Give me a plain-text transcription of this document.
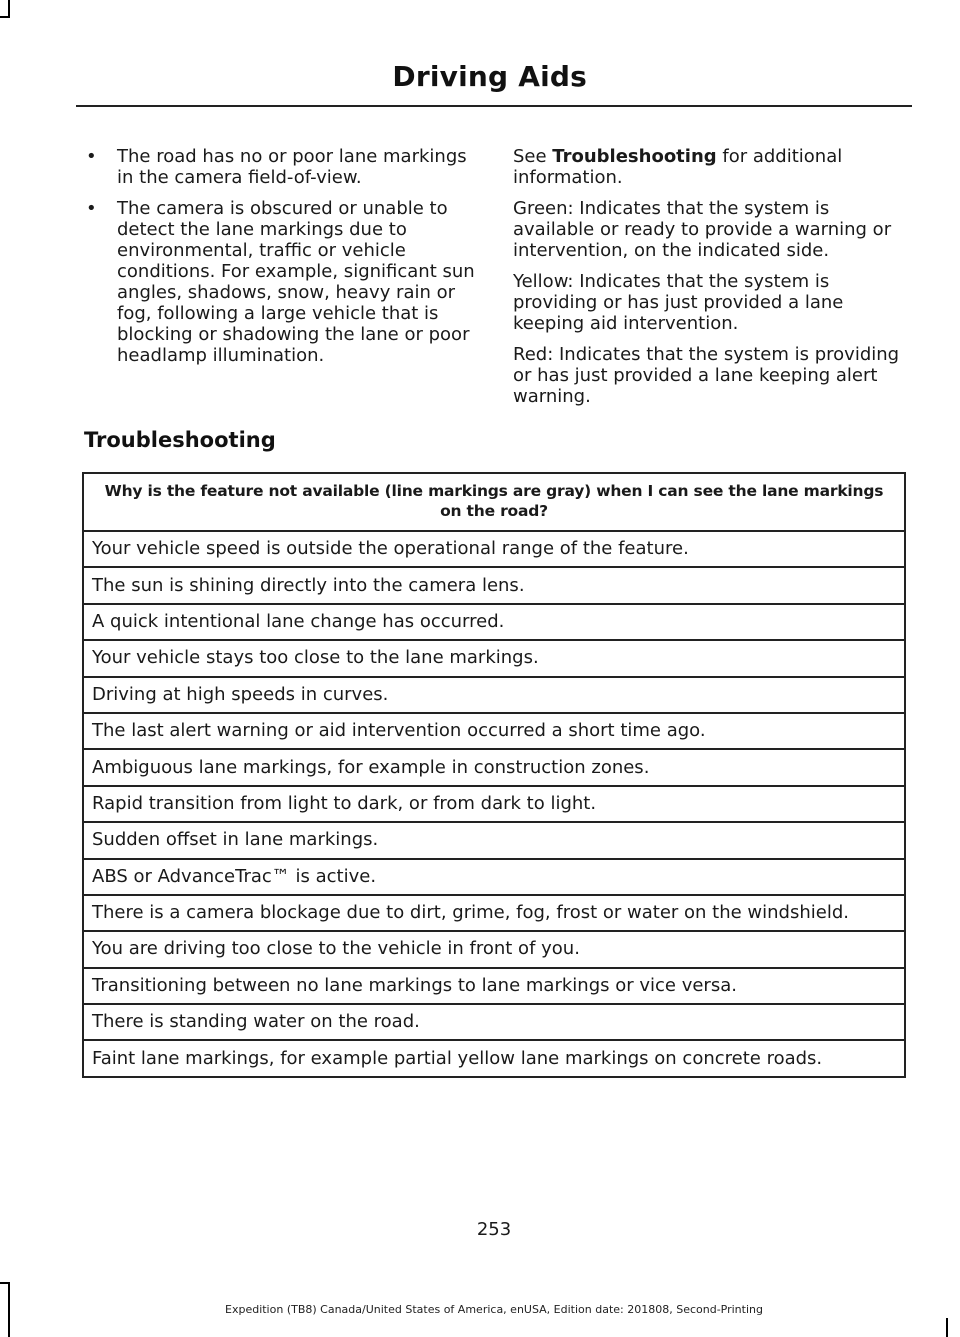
Driving Aids
•	The road has no or poor lane markings in the camera field-of-view.
•	The camera is obscured or unable to detect the lane markings due to environmental, traffic or vehicle conditions. For example, significant sun angles, shadows, snow, heavy rain or fog, following a large vehicle that is blocking or shadowing the lane or poor headlamp illumination.

See Troubleshooting for additional information.

Green: Indicates that the system is available or ready to provide a warning or intervention, on the indicated side.

Yellow: Indicates that the system is providing or has just provided a lane keeping aid intervention.

Red: Indicates that the system is providing or has just provided a lane keeping alert warning.

Troubleshooting
Why is the feature not available (line markings are gray) when I can see the lane markings on the road?
Your vehicle speed is outside the operational range of the feature.
The sun is shining directly into the camera lens.
A quick intentional lane change has occurred.
Your vehicle stays too close to the lane markings.
Driving at high speeds in curves.
The last alert warning or aid intervention occurred a short time ago.
Ambiguous lane markings, for example in construction zones.
Rapid transition from light to dark, or from dark to light.
Sudden offset in lane markings.
ABS or AdvanceTrac™ is active.
There is a camera blockage due to dirt, grime, fog, frost or water on the windshield.
You are driving too close to the vehicle in front of you.
Transitioning between no lane markings to lane markings or vice versa.
There is standing water on the road.
Faint lane markings, for example partial yellow lane markings on concrete roads.
253
Expedition (TB8) Canada/United States of America, enUSA, Edition date: 201808, Second-Printing
